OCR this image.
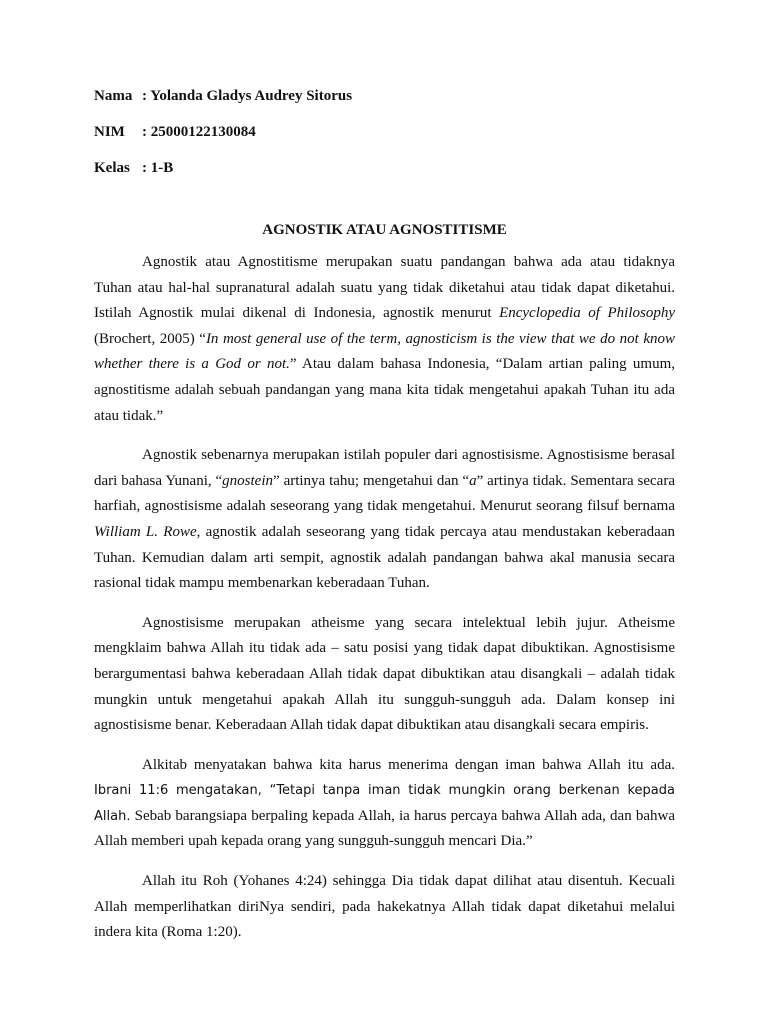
Nama : Yolanda Gladys Audrey Sitorus
NIM : 25000122130084
Kelas : 1-B
AGNOSTIK ATAU AGNOSTITISME

Agnostik atau Agnostitisme merupakan suatu pandangan bahwa ada atau tidaknya Tuhan atau hal-hal supranatural adalah suatu yang tidak diketahui atau tidak dapat diketahui. Istilah Agnostik mulai dikenal di Indonesia, agnostik menurut Encyclopedia of Philosophy (Brochert, 2005) “In most general use of the term, agnosticism is the view that we do not know whether there is a God or not.” Atau dalam bahasa Indonesia, “Dalam artian paling umum, agnostitisme adalah sebuah pandangan yang mana kita tidak mengetahui apakah Tuhan itu ada atau tidak.”

Agnostik sebenarnya merupakan istilah populer dari agnostisisme. Agnostisisme berasal dari bahasa Yunani, “gnostein” artinya tahu; mengetahui dan “a” artinya tidak. Sementara secara harfiah, agnostisisme adalah seseorang yang tidak mengetahui. Menurut seorang filsuf bernama William L. Rowe, agnostik adalah seseorang yang tidak percaya atau mendustakan keberadaan Tuhan. Kemudian dalam arti sempit, agnostik adalah pandangan bahwa akal manusia secara rasional tidak mampu membenarkan keberadaan Tuhan.

Agnostisisme merupakan atheisme yang secara intelektual lebih jujur. Atheisme mengklaim bahwa Allah itu tidak ada – satu posisi yang tidak dapat dibuktikan. Agnostisisme berargumentasi bahwa keberadaan Allah tidak dapat dibuktikan atau disangkali – adalah tidak mungkin untuk mengetahui apakah Allah itu sungguh-sungguh ada. Dalam konsep ini agnostisisme benar. Keberadaan Allah tidak dapat dibuktikan atau disangkali secara empiris.

Alkitab menyatakan bahwa kita harus menerima dengan iman bahwa Allah itu ada. Ibrani 11:6 mengatakan, “Tetapi tanpa iman tidak mungkin orang berkenan kepada Allah. Sebab barangsiapa berpaling kepada Allah, ia harus percaya bahwa Allah ada, dan bahwa Allah memberi upah kepada orang yang sungguh-sungguh mencari Dia.”

Allah itu Roh (Yohanes 4:24) sehingga Dia tidak dapat dilihat atau disentuh. Kecuali Allah memperlihatkan diriNya sendiri, pada hakekatnya Allah tidak dapat diketahui melalui indera kita (Roma 1:20).
